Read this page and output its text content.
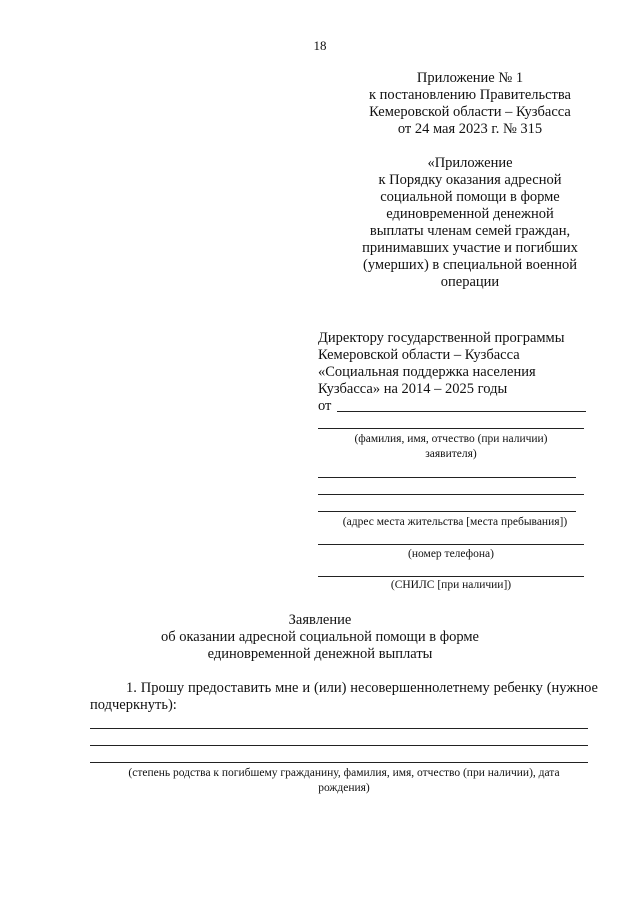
18
Приложение № 1
к постановлению Правительства
Кемеровской области – Кузбасса
от 24 мая 2023 г. № 315
«Приложение
к Порядку оказания адресной
социальной помощи в форме
единовременной денежной
выплаты членам семей граждан,
принимавших участие и погибших
(умерших) в специальной военной
операции
Директору государственной программы
Кемеровской области – Кузбасса
«Социальная поддержка населения
Кузбасса» на 2014 – 2025 годы
от
(фамилия, имя, отчество (при наличии)
заявителя)
(адрес места жительства [места пребывания])
(номер телефона)
(СНИЛС [при наличии])
Заявление
об оказании адресной социальной помощи в форме
единовременной денежной выплаты
1. Прошу предоставить мне и (или) несовершеннолетнему ребенку (нужное подчеркнуть):
(степень родства к погибшему гражданину, фамилия, имя, отчество (при наличии), дата
рождения)
